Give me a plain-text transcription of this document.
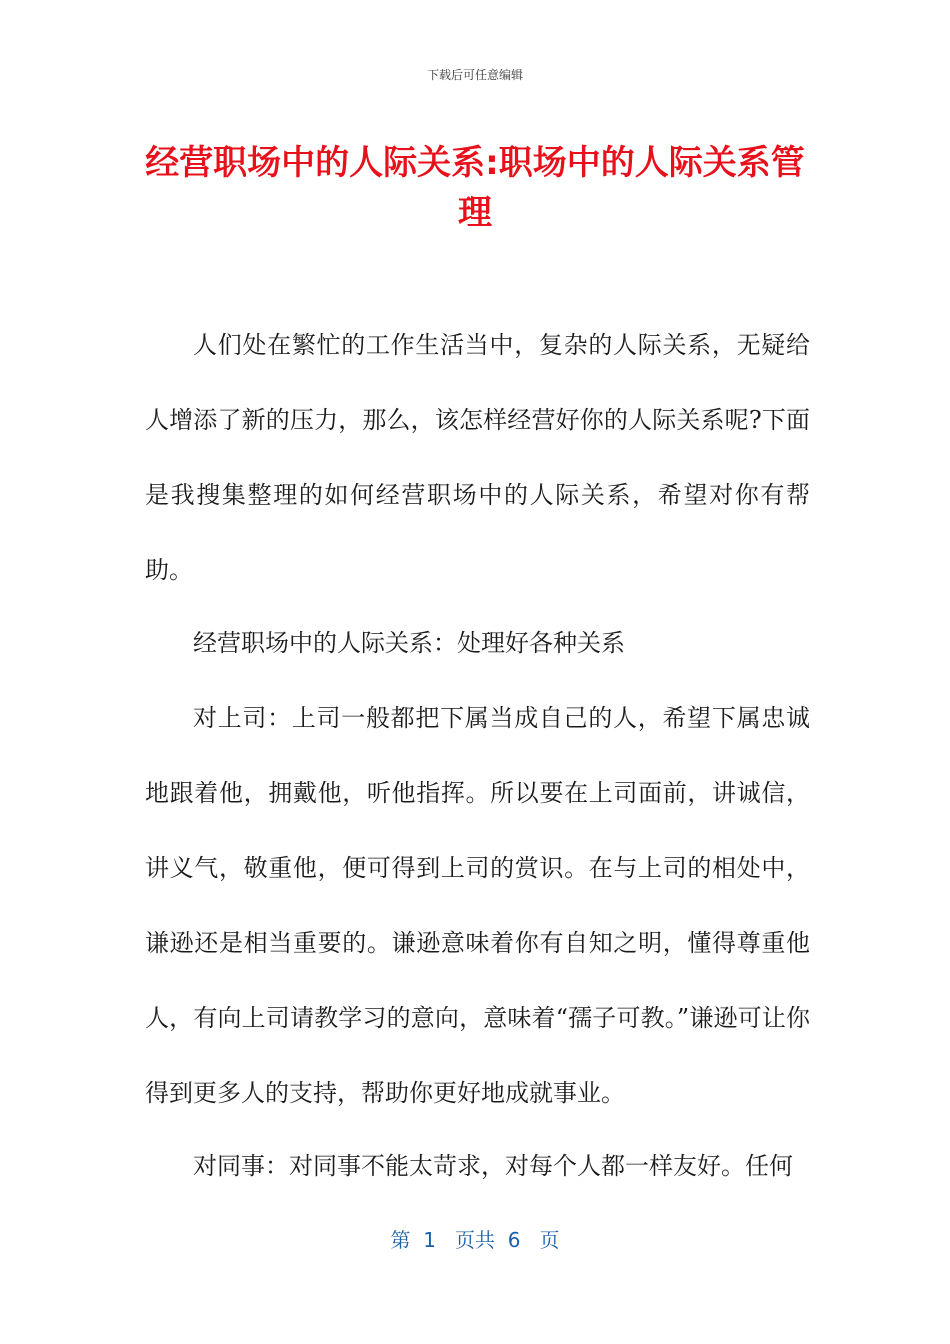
下载后可任意编辑
经营职场中的人际关系:职场中的人际关系管理

人们处在繁忙的工作生活当中，复杂的人际关系，无疑给人增添了新的压力，那么，该怎样经营好你的人际关系呢?下面是我搜集整理的如何经营职场中的人际关系，希望对你有帮助。

经营职场中的人际关系：处理好各种关系

对上司：上司一般都把下属当成自己的人，希望下属忠诚地跟着他，拥戴他，听他指挥。所以要在上司面前，讲诚信，讲义气，敬重他，便可得到上司的赏识。在与上司的相处中，谦逊还是相当重要的。谦逊意味着你有自知之明，懂得尊重他人，有向上司请教学习的意向，意味着“孺子可教。”谦逊可让你得到更多人的支持，帮助你更好地成就事业。

对同事：对同事不能太苛求，对每个人都一样友好。任何

第  1   页共  6   页
